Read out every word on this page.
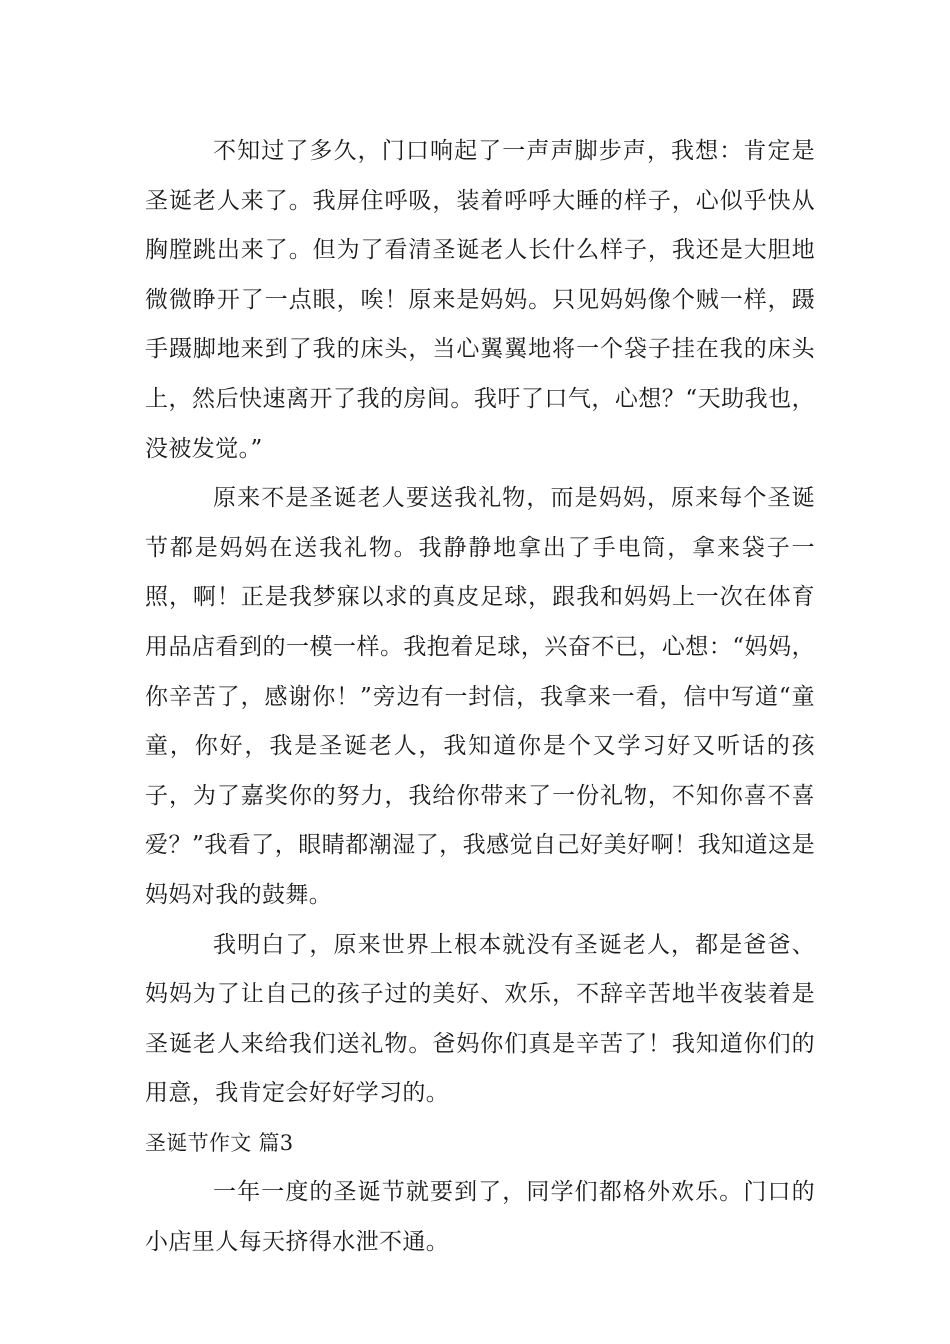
不知过了多久，门口响起了一声声脚步声，我想：肯定是圣诞老人来了。我屏住呼吸，装着呼呼大睡的样子，心似乎快从胸膛跳出来了。但为了看清圣诞老人长什么样子，我还是大胆地微微睁开了一点眼，唉！原来是妈妈。只见妈妈像个贼一样，蹑手蹑脚地来到了我的床头，当心翼翼地将一个袋子挂在我的床头上，然后快速离开了我的房间。我吁了口气，心想？“天助我也，没被发觉。”

原来不是圣诞老人要送我礼物，而是妈妈，原来每个圣诞节都是妈妈在送我礼物。我静静地拿出了手电筒，拿来袋子一照，啊！正是我梦寐以求的真皮足球，跟我和妈妈上一次在体育用品店看到的一模一样。我抱着足球，兴奋不已，心想：“妈妈，你辛苦了，感谢你！”旁边有一封信，我拿来一看，信中写道“童童，你好，我是圣诞老人，我知道你是个又学习好又听话的孩子，为了嘉奖你的努力，我给你带来了一份礼物，不知你喜不喜爱？”我看了，眼睛都潮湿了，我感觉自己好美好啊！我知道这是妈妈对我的鼓舞。

我明白了，原来世界上根本就没有圣诞老人，都是爸爸、妈妈为了让自己的孩子过的美好、欢乐，不辞辛苦地半夜装着是圣诞老人来给我们送礼物。爸妈你们真是辛苦了！我知道你们的用意，我肯定会好好学习的。

圣诞节作文 篇3

一年一度的圣诞节就要到了，同学们都格外欢乐。门口的小店里人每天挤得水泄不通。
